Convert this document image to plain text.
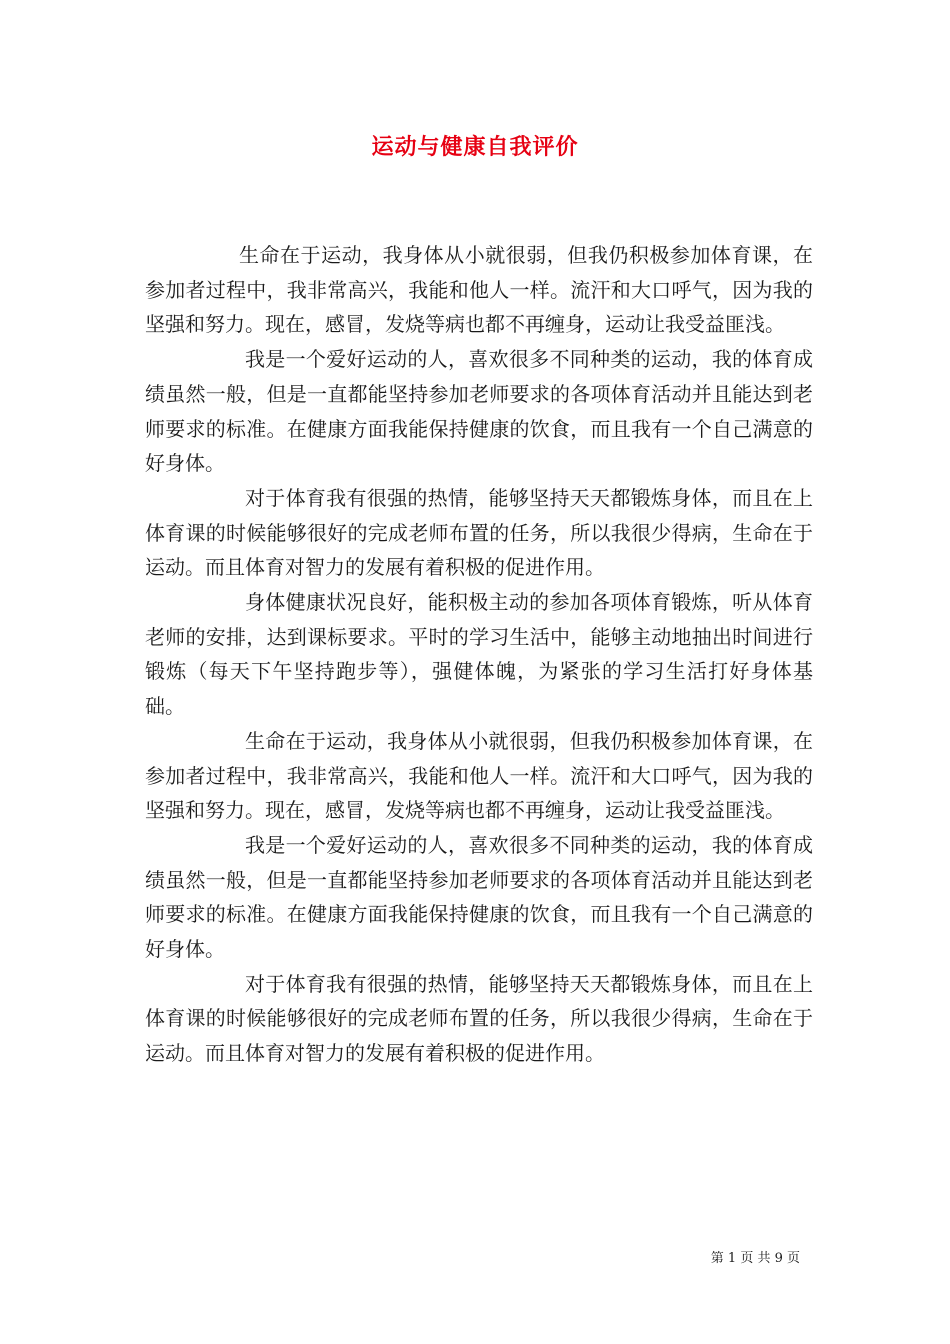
运动与健康自我评价

生命在于运动，我身体从小就很弱，但我仍积极参加体育课，在参加者过程中，我非常高兴，我能和他人一样。流汗和大口呼气，因为我的坚强和努力。现在，感冒，发烧等病也都不再缠身，运动让我受益匪浅。

我是一个爱好运动的人，喜欢很多不同种类的运动，我的体育成绩虽然一般，但是一直都能坚持参加老师要求的各项体育活动并且能达到老师要求的标准。在健康方面我能保持健康的饮食，而且我有一个自己满意的好身体。

对于体育我有很强的热情，能够坚持天天都锻炼身体，而且在上体育课的时候能够很好的完成老师布置的任务，所以我很少得病，生命在于运动。而且体育对智力的发展有着积极的促进作用。

身体健康状况良好，能积极主动的参加各项体育锻炼，听从体育老师的安排，达到课标要求。平时的学习生活中，能够主动地抽出时间进行锻炼（每天下午坚持跑步等），强健体魄，为紧张的学习生活打好身体基础。

生命在于运动，我身体从小就很弱，但我仍积极参加体育课，在参加者过程中，我非常高兴，我能和他人一样。流汗和大口呼气，因为我的坚强和努力。现在，感冒，发烧等病也都不再缠身，运动让我受益匪浅。

我是一个爱好运动的人，喜欢很多不同种类的运动，我的体育成绩虽然一般，但是一直都能坚持参加老师要求的各项体育活动并且能达到老师要求的标准。在健康方面我能保持健康的饮食，而且我有一个自己满意的好身体。

对于体育我有很强的热情，能够坚持天天都锻炼身体，而且在上体育课的时候能够很好的完成老师布置的任务，所以我很少得病，生命在于运动。而且体育对智力的发展有着积极的促进作用。

第 1 页 共 9 页
